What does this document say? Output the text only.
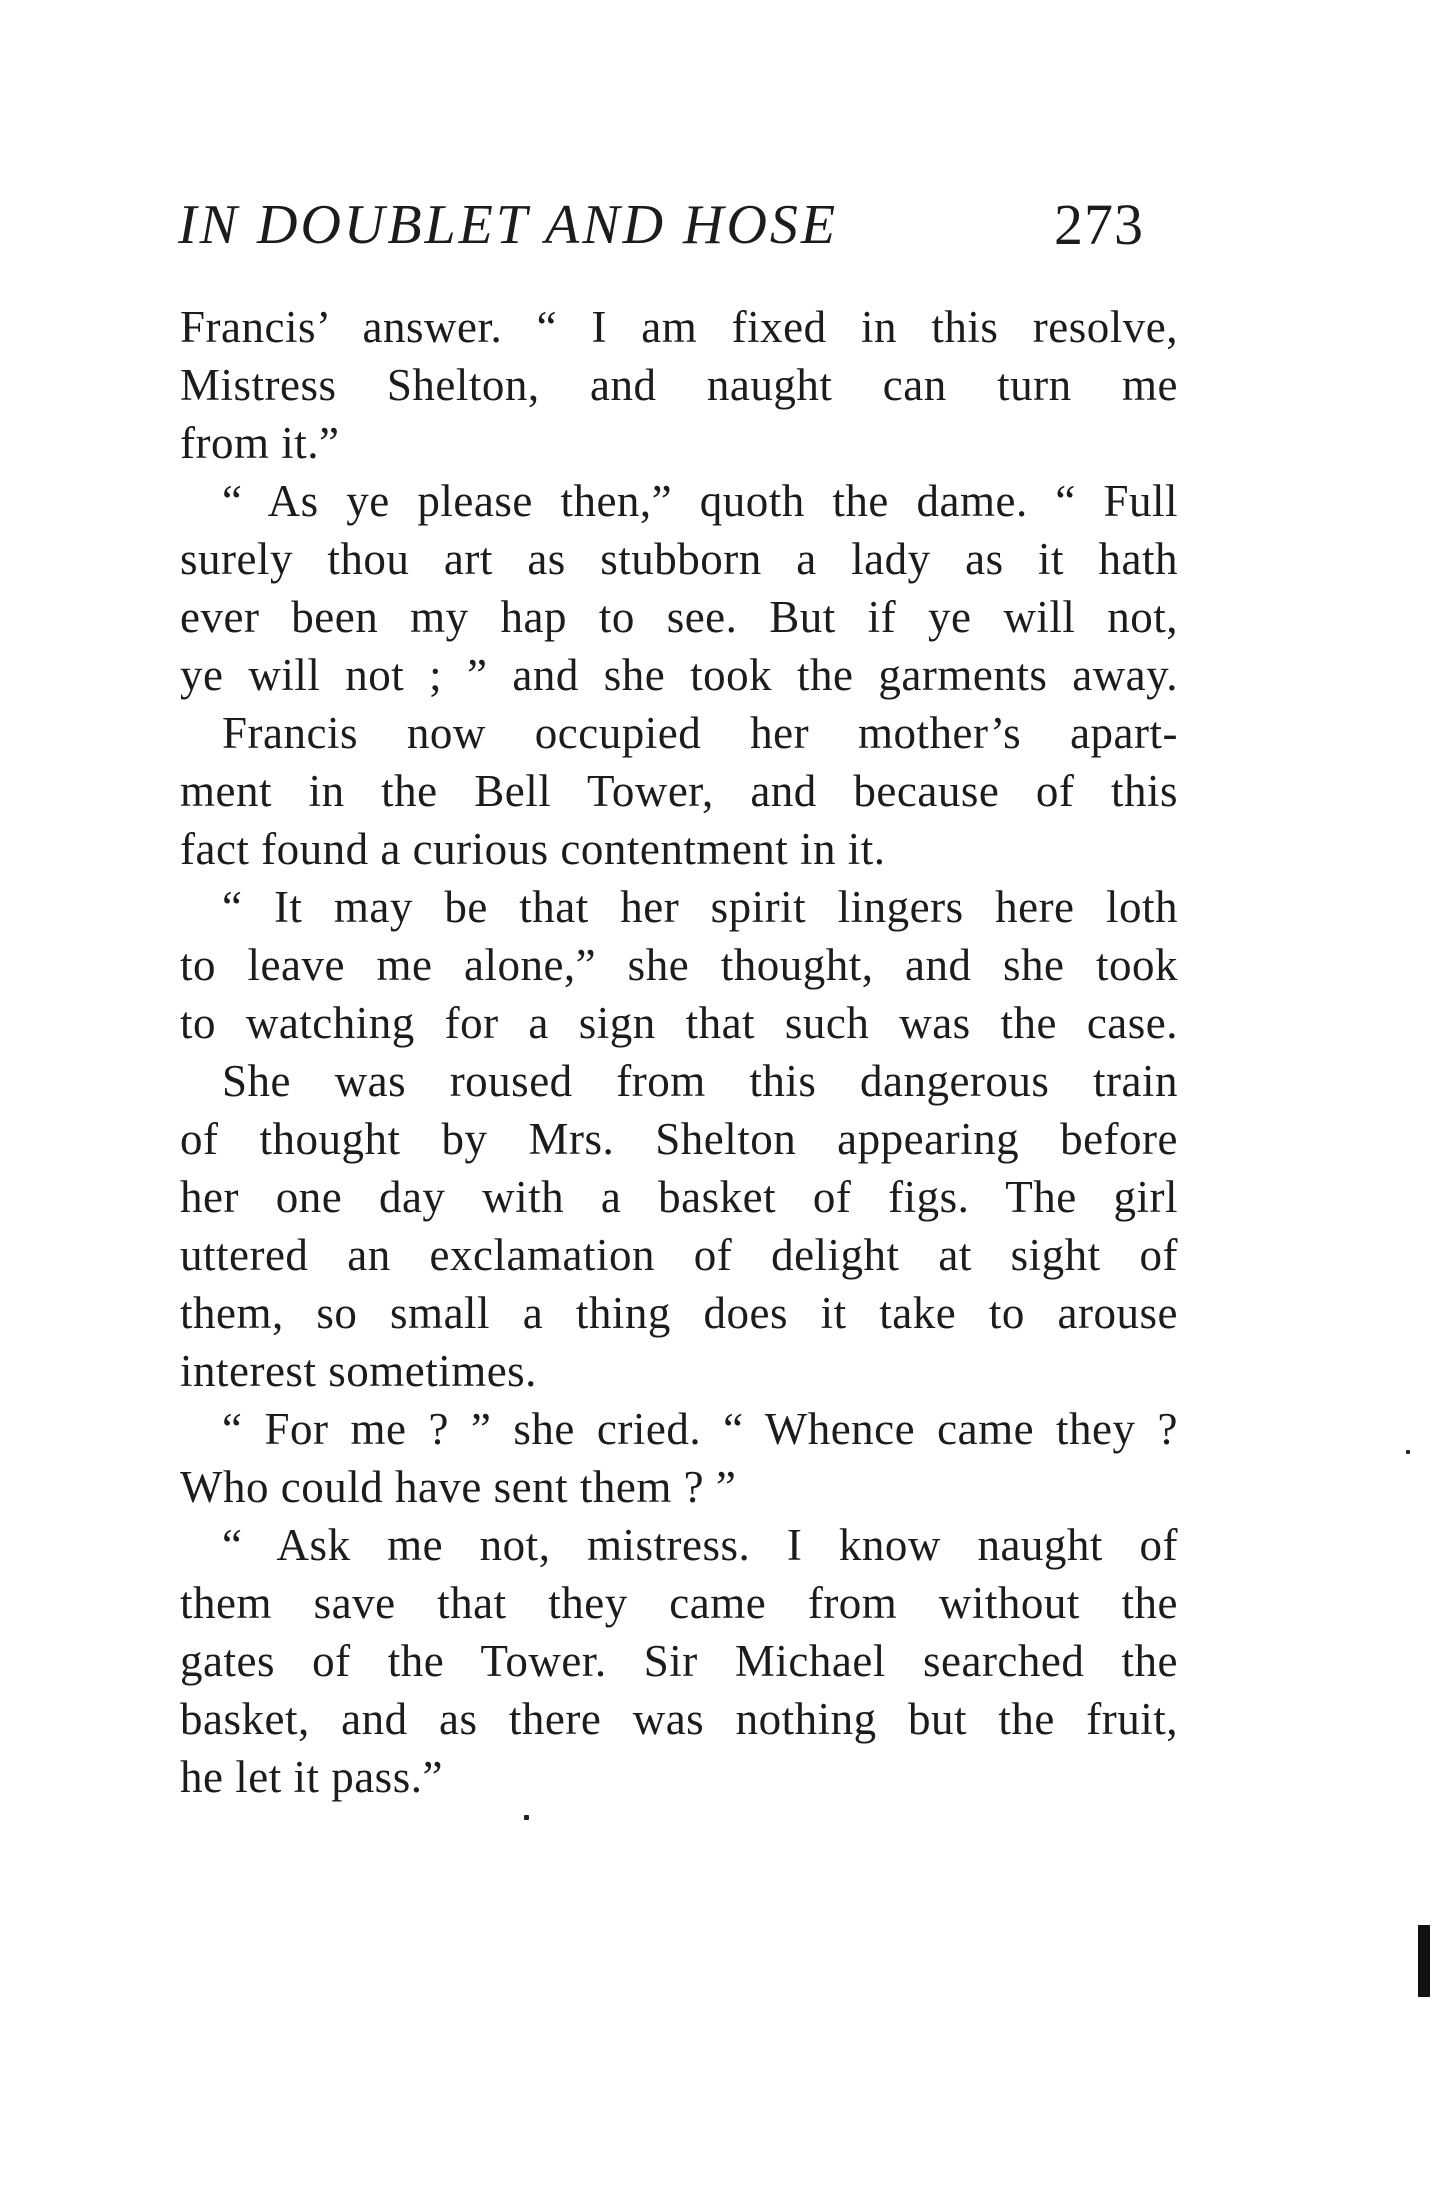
IN DOUBLET AND HOSE	273
Francis’ answer. “ I am fixed in this resolve,
Mistress Shelton, and naught can turn me
from it.”
“ As ye please then,” quoth the dame. “ Full
surely thou art as stubborn a lady as it hath
ever been my hap to see. But if ye will not,
ye will not ; ” and she took the garments away.
Francis now occupied her mother’s apart-
ment in the Bell Tower, and because of this
fact found a curious contentment in it.
“ It may be that her spirit lingers here loth
to leave me alone,” she thought, and she took
to watching for a sign that such was the case.
She was roused from this dangerous train
of thought by Mrs. Shelton appearing before
her one day with a basket of figs. The girl
uttered an exclamation of delight at sight of
them, so small a thing does it take to arouse
interest sometimes.
“ For me ? ” she cried. “ Whence came they ?
Who could have sent them ? ”
“ Ask me not, mistress. I know naught of
them save that they came from without the
gates of the Tower. Sir Michael searched the
basket, and as there was nothing but the fruit,
he let it pass.”
